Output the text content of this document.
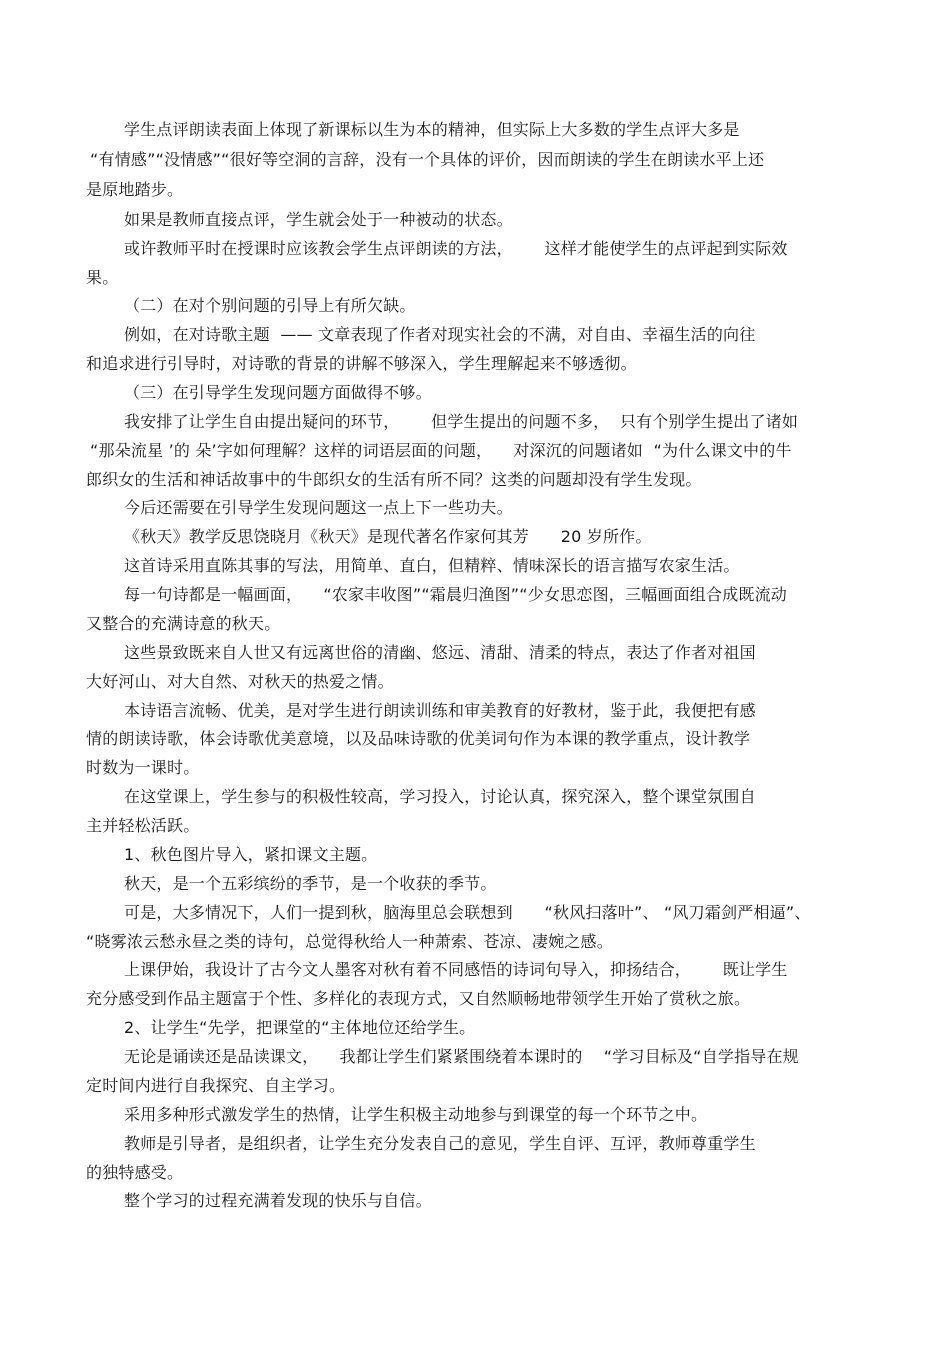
学生点评朗读表面上体现了新课标以生为本的精神，但实际上大多数的学生点评大多是
“有情感”“没情感”“很好等空洞的言辞，没有一个具体的评价，因而朗读的学生在朗读水平上还
是原地踏步。
如果是教师直接点评，学生就会处于一种被动的状态。
或许教师平时在授课时应该教会学生点评朗读的方法，      这样才能使学生的点评起到实际效
果。
（二）在对个别问题的引导上有所欠缺。
例如，在对诗歌主题  —— 文章表现了作者对现实社会的不满，对自由、幸福生活的向往
和追求进行引导时，对诗歌的背景的讲解不够深入，学生理解起来不够透彻。
（三）在引导学生发现问题方面做得不够。
我安排了让学生自由提出疑问的环节，      但学生提出的问题不多，  只有个别学生提出了诸如
“那朵流星 ’的 朵’字如何理解？这样的词语层面的问题，    对深沉的问题诸如  “为什么课文中的牛
郎织女的生活和神话故事中的牛郎织女的生活有所不同？这类的问题却没有学生发现。
今后还需要在引导学生发现问题这一点上下一些功夫。
《秋天》教学反思饶晓月《秋天》是现代著名作家何其芳      20 岁所作。
这首诗采用直陈其事的写法，用简单、直白，但精粹、情味深长的语言描写农家生活。
每一句诗都是一幅画面，    “农家丰收图”“霜晨归渔图”“少女思恋图，三幅画面组合成既流动
又整合的充满诗意的秋天。
这些景致既来自人世又有远离世俗的清幽、悠远、清甜、清柔的特点，表达了作者对祖国
大好河山、对大自然、对秋天的热爱之情。
本诗语言流畅、优美，是对学生进行朗读训练和审美教育的好教材，鉴于此，我便把有感
情的朗读诗歌，体会诗歌优美意境，以及品味诗歌的优美词句作为本课的教学重点，设计教学
时数为一课时。
在这堂课上，学生参与的积极性较高，学习投入，讨论认真，探究深入，整个课堂氛围自
主并轻松活跃。
1、秋色图片导入，紧扣课文主题。
秋天，是一个五彩缤纷的季节，是一个收获的季节。
可是，大多情况下，人们一提到秋，脑海里总会联想到      “秋风扫落叶”、 “风刀霜剑严相逼”、
“晓雾浓云愁永昼之类的诗句，总觉得秋给人一种萧索、苍凉、凄婉之感。
上课伊始，我设计了古今文人墨客对秋有着不同感悟的诗词句导入，抑扬结合，      既让学生
充分感受到作品主题富于个性、多样化的表现方式，又自然顺畅地带领学生开始了赏秋之旅。
2、让学生“先学，把课堂的“主体地位还给学生。
无论是诵读还是品读课文，    我都让学生们紧紧围绕着本课时的    “学习目标及“自学指导在规
定时间内进行自我探究、自主学习。
采用多种形式激发学生的热情，让学生积极主动地参与到课堂的每一个环节之中。
教师是引导者，是组织者，让学生充分发表自己的意见，学生自评、互评，教师尊重学生
的独特感受。
整个学习的过程充满着发现的快乐与自信。
